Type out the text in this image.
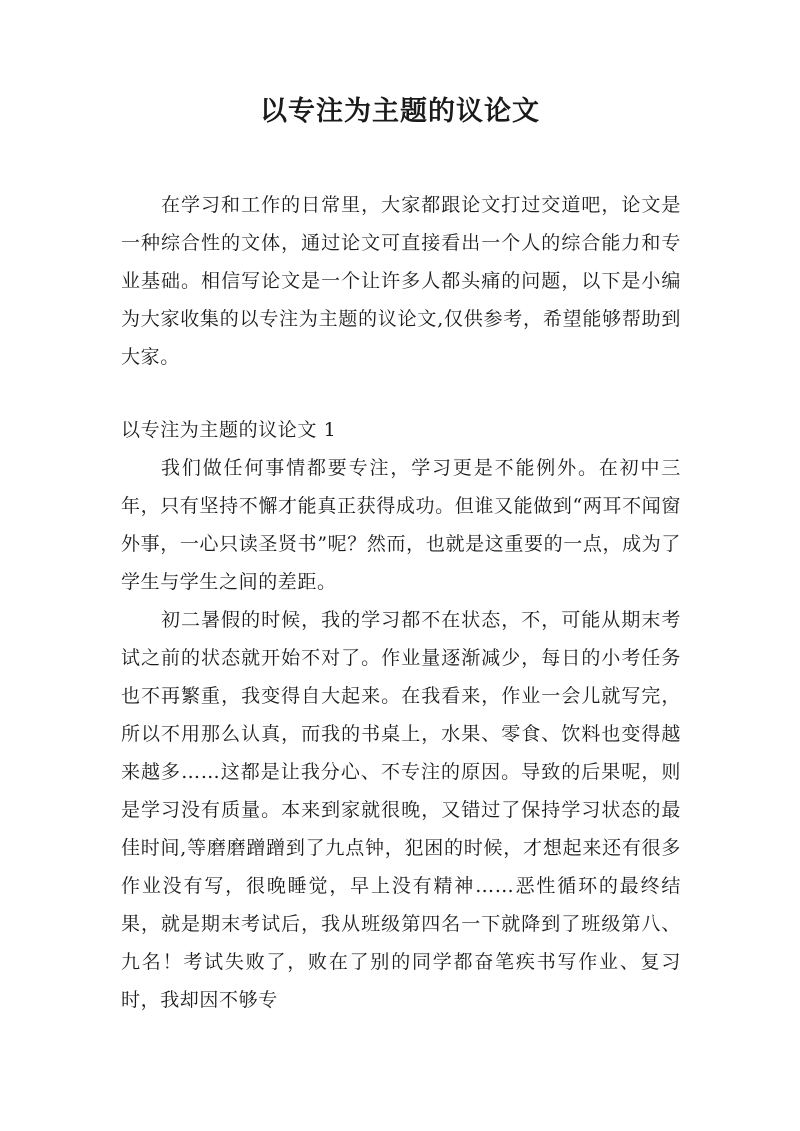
以专注为主题的议论文

在学习和工作的日常里，大家都跟论文打过交道吧，论文是一种综合性的文体，通过论文可直接看出一个人的综合能力和专业基础。相信写论文是一个让许多人都头痛的问题，以下是小编为大家收集的以专注为主题的议论文,仅供参考，希望能够帮助到大家。

以专注为主题的议论文 1

我们做任何事情都要专注，学习更是不能例外。在初中三年，只有坚持不懈才能真正获得成功。但谁又能做到“两耳不闻窗外事，一心只读圣贤书”呢？然而，也就是这重要的一点，成为了学生与学生之间的差距。

初二暑假的时候，我的学习都不在状态，不，可能从期末考试之前的状态就开始不对了。作业量逐渐减少，每日的小考任务也不再繁重，我变得自大起来。在我看来，作业一会儿就写完，所以不用那么认真，而我的书桌上，水果、零食、饮料也变得越来越多……这都是让我分心、不专注的原因。导致的后果呢，则是学习没有质量。本来到家就很晚，又错过了保持学习状态的最佳时间,等磨磨蹭蹭到了九点钟，犯困的时候，才想起来还有很多作业没有写，很晚睡觉，早上没有精神……恶性循环的最终结果，就是期末考试后，我从班级第四名一下就降到了班级第八、九名！考试失败了，败在了别的同学都奋笔疾书写作业、复习时，我却因不够专
